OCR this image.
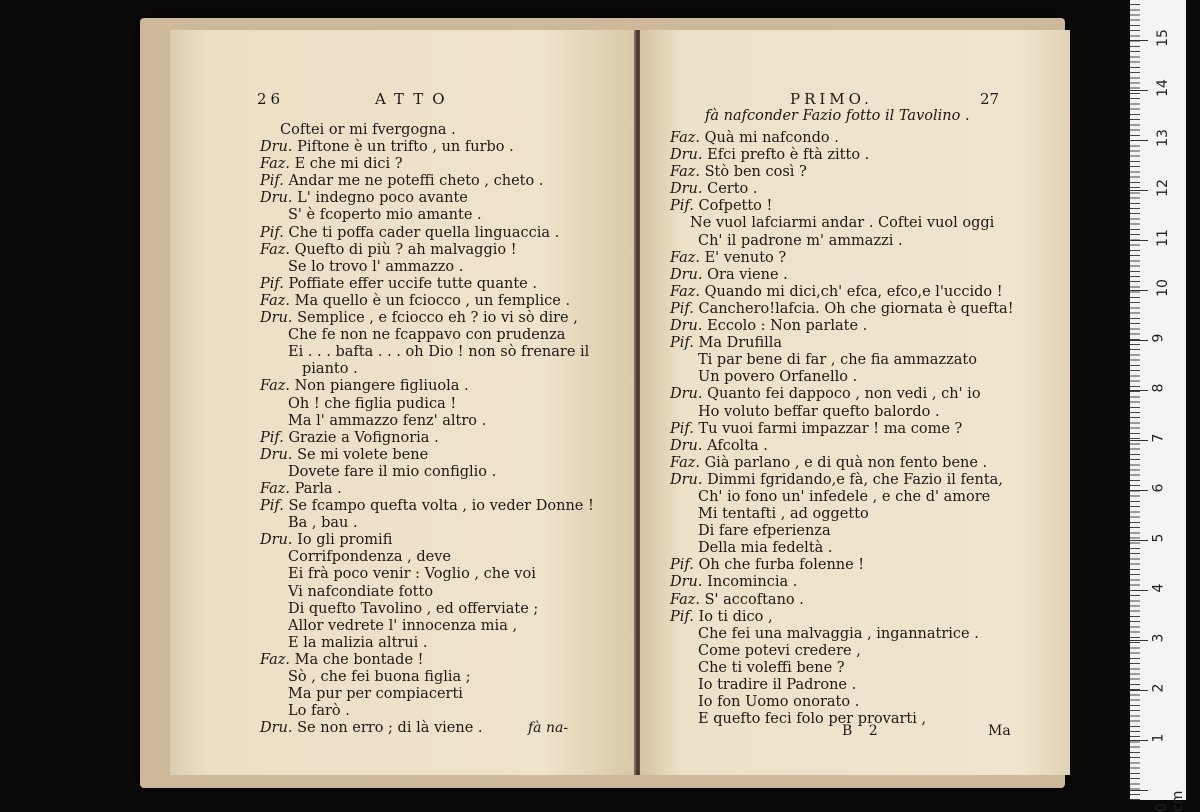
26	ATTO
Coftei or mi fvergogna .
Dru. Piftone è un trifto , un furbo .
Faz. E che mi dici ?
Pif. Andar me ne poteffi cheto , cheto .
Dru. L' indegno poco avante
S' è fcoperto mio amante .
Pif. Che ti poffa cader quella linguaccia .
Faz. Quefto di più ? ah malvaggio !
Se lo trovo l' ammazzo .
Pif. Poffiate effer uccife tutte quante .
Faz. Ma quello è un fciocco , un femplice .
Dru. Semplice , e fciocco eh ? io vi sò dire ,
Che fe non ne fcappavo con prudenza
Ei . . . bafta . . . oh Dio ! non sò frenare il
pianto .
Faz. Non piangere figliuola .
Oh ! che figlia pudica !
Ma l' ammazzo fenz' altro .
Pif. Grazie a Vofignoria .
Dru. Se mi volete bene
Dovete fare il mio configlio .
Faz. Parla .
Pif. Se fcampo quefta volta , io veder Donne !
Ba , bau .
Dru. Io gli promifi
Corrifpondenza , deve
Ei frà poco venir : Voglio , che voi
Vi nafcondiate fotto
Di quefto Tavolino , ed offerviate ;
Allor vedrete l' innocenza mia ,
E la malizia altrui .
Faz. Ma che bontade !
Sò , che fei buona figlia ;
Ma pur per compiacerti
Lo farò .
Dru. Se non erro ; di là viene .	fà na-
PRIMO.	27
fà nafconder Fazio fotto il Tavolino .
Faz. Quà mi nafcondo .
Dru. Efci prefto è ftà zitto .
Faz. Stò ben così ?
Dru. Certo .
Pif. Cofpetto !
Ne vuol lafciarmi andar . Coftei vuol oggi
Ch' il padrone m' ammazzi .
Faz. E' venuto ?
Dru. Ora viene .
Faz. Quando mi dici,ch' efca, efco,e l'uccido !
Pif. Canchero!lafcia. Oh che giornata è quefta!
Dru. Eccolo : Non parlate .
Pif. Ma Drufilla
Ti par bene di far , che fia ammazzato
Un povero Orfanello .
Dru. Quanto fei dappoco , non vedi , ch' io
Ho voluto beffar quefto balordo .
Pif. Tu vuoi farmi impazzar ! ma come ?
Dru. Afcolta .
Faz. Già parlano , e di quà non fento bene .
Dru. Dimmi fgridando,e fà, che Fazio il fenta,
Ch' io fono un' infedele , e che d' amore
Mi tentafti , ad oggetto
Di fare efperienza
Della mia fedeltà .
Pif. Oh che furba folenne !
Dru. Incomincia .
Faz. S' accoftano .
Pif. Io ti dico ,
Che fei una malvaggia , ingannatrice .
Come potevi credere ,
Che ti voleffi bene ?
Io tradire il Padrone .
Io fon Uomo onorato .
E quefto feci folo per provarti ,
B 2	Ma
15
14
13
12
11
10
9
8
7
6
5
4
3
2
1
0 cm
